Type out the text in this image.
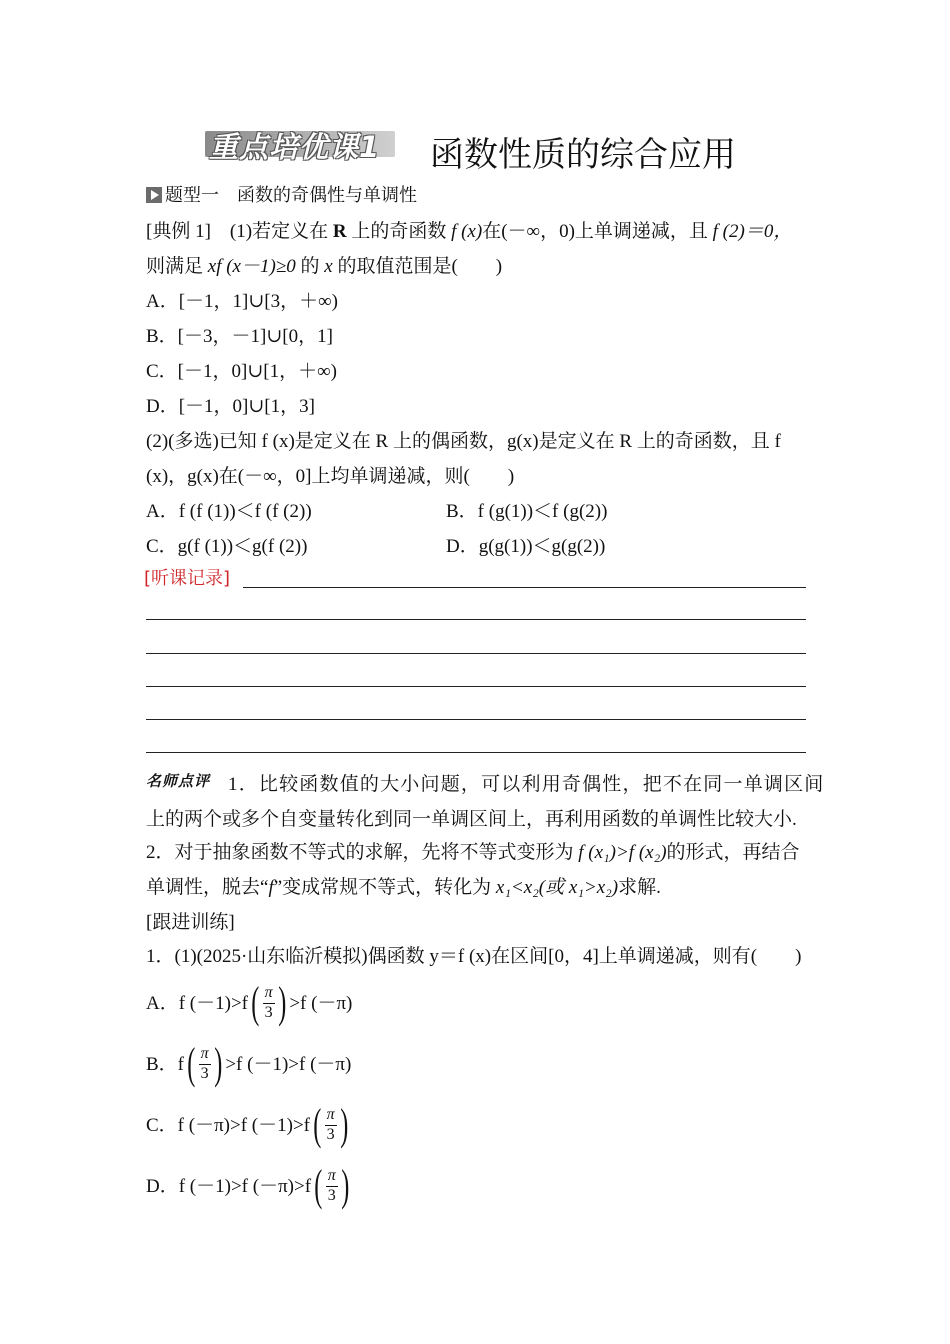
重点培优课1 函数性质的综合应用
题型一　函数的奇偶性与单调性
[典例 1]　 (1)若定义在 R 上的奇函数 f (x)在(－∞，0)上单调递减，且 f (2)＝0，
则满足 xf (x－1)≥0 的 x 的取值范围是(　　)
A．[－1，1]∪[3，＋∞)
B．[－3，－1]∪[0，1]
C．[－1，0]∪[1，＋∞)
D．[－1，0]∪[1，3]
(2)(多选)已知 f (x)是定义在 R 上的偶函数，g(x)是定义在 R 上的奇函数，且 f
(x)，g(x)在(－∞，0]上均单调递减，则(　　)
A．f (f (1))＜f (f (2))	B．f (g(1))＜f (g(2))
C．g(f (1))＜g(f (2))	D．g(g(1))＜g(g(2))
[听课记录]
名师点评 1．比较函数值的大小问题，可以利用奇偶性，把不在同一单调区间
上的两个或多个自变量转化到同一单调区间上，再利用函数的单调性比较大小.
2．对于抽象函数不等式的求解，先将不等式变形为 f (x₁)>f (x₂)的形式，再结合
单调性，脱去“f”变成常规不等式，转化为 x₁<x₂(或 x₁>x₂)求解.
[跟进训练]
1．(1)(2025·山东临沂模拟)偶函数 y＝f (x)在区间[0，4]上单调递减，则有(　　)
A．f (－1)>f ( $\frac{\pi}{3}$ ) >f (－π)
B．f ( $\frac{\pi}{3}$ ) >f (－1)>f (－π)
C．f (－π)>f (－1)>f ( $\frac{\pi}{3}$ )
D．f (－1)>f (－π)>f ( $\frac{\pi}{3}$ )
